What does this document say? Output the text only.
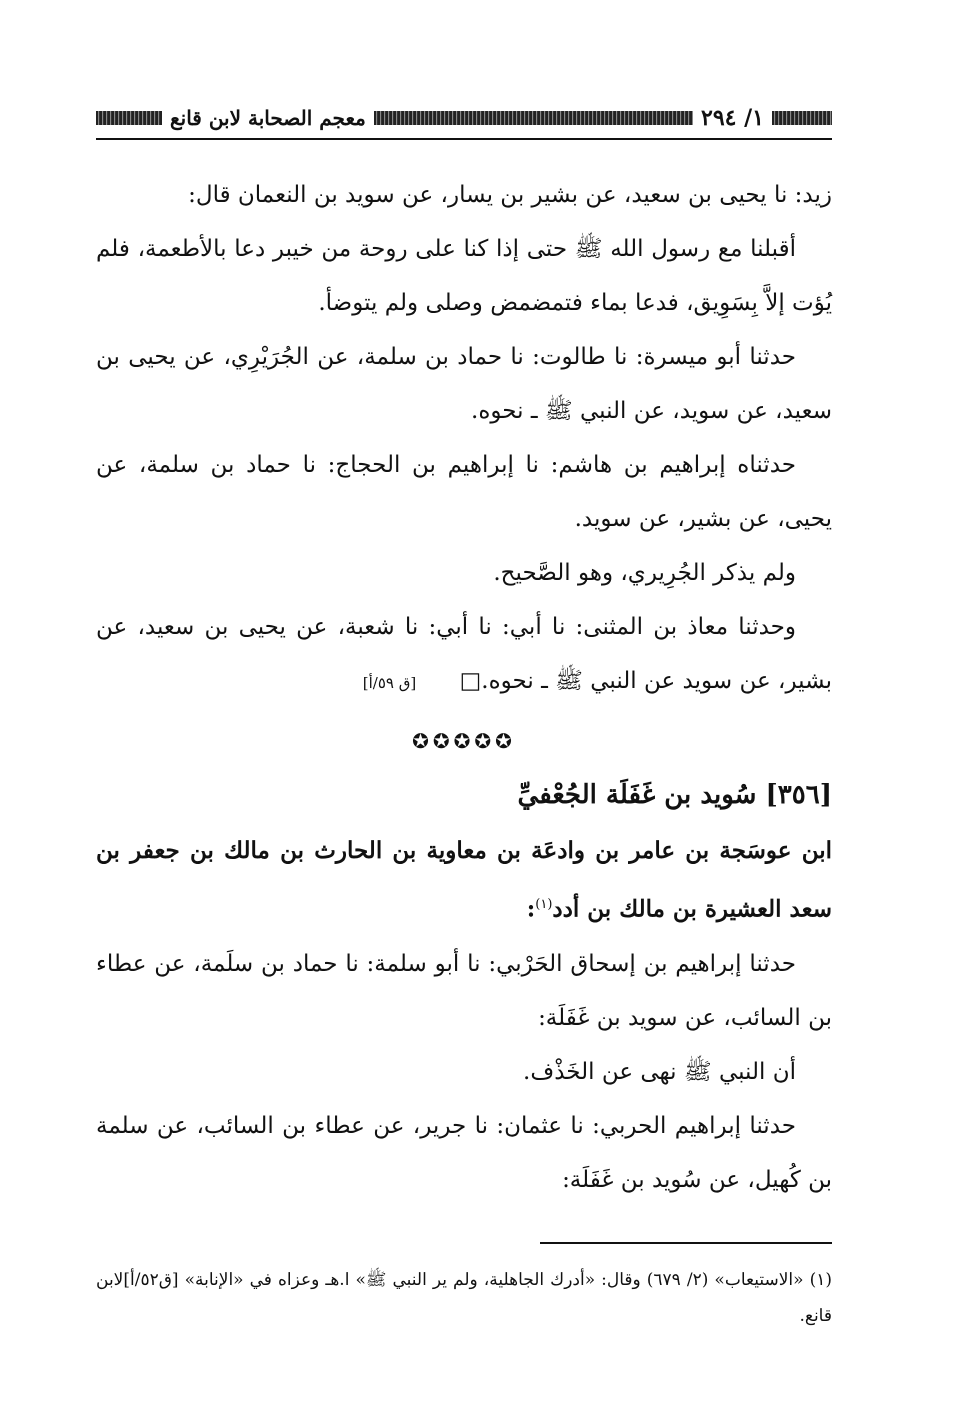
١/ ٢٩٤
معجم الصحابة لابن قانع

زيد: نا يحيى بن سعيد، عن بشير بن يسار، عن سويد بن النعمان قال:

أقبلنا مع رسول الله ﷺ حتى إذا كنا على روحة من خيبر دعا بالأطعمة، فلم يُؤت إلاَّ بِسَوِيق، فدعا بماء فتمضمض وصلى ولم يتوضأ.

حدثنا أبو ميسرة: نا طالوت: نا حماد بن سلمة، عن الجُرَيْرِي، عن يحيى بن سعيد، عن سويد، عن النبي ﷺ ـ نحوه.

حدثناه إبراهيم بن هاشم: نا إبراهيم بن الحجاج: نا حماد بن سلمة، عن يحيى، عن بشير، عن سويد.

ولم يذكر الجُرِيري، وهو الصَّحيح.

وحدثنا معاذ بن المثنى: نا أبي: نا أبي: نا شعبة، عن يحيى بن سعيد، عن بشير، عن سويد عن النبي ﷺ ـ نحوه.□ [ق ٥٩/أ]

✪✪✪✪✪
[٣٥٦] سُويد بن غَفَلَة الجُعْفيِّ
ابن عوسَجة بن عامر بن وادعَة بن معاوية بن الحارث بن مالك بن جعفر بن سعد العشيرة بن مالك بن أدد$^{(١)}$:

حدثنا إبراهيم بن إسحاق الحَرْبي: نا أبو سلمة: نا حماد بن سلَمة، عن عطاء بن السائب، عن سويد بن غَفَلَة:

أن النبي ﷺ نهى عن الخَذْف.

حدثنا إبراهيم الحربي: نا عثمان: نا جرير، عن عطاء بن السائب، عن سلمة بن كُهيل، عن سُويد بن غَفَلَة:

(١) «الاستيعاب» (٢/ ٦٧٩) وقال: «أدرك الجاهلية، ولم ير النبي ﷺ» ا.هـ وعزاه في «الإنابة» [ق٥٢/أ]لابن قانع.
